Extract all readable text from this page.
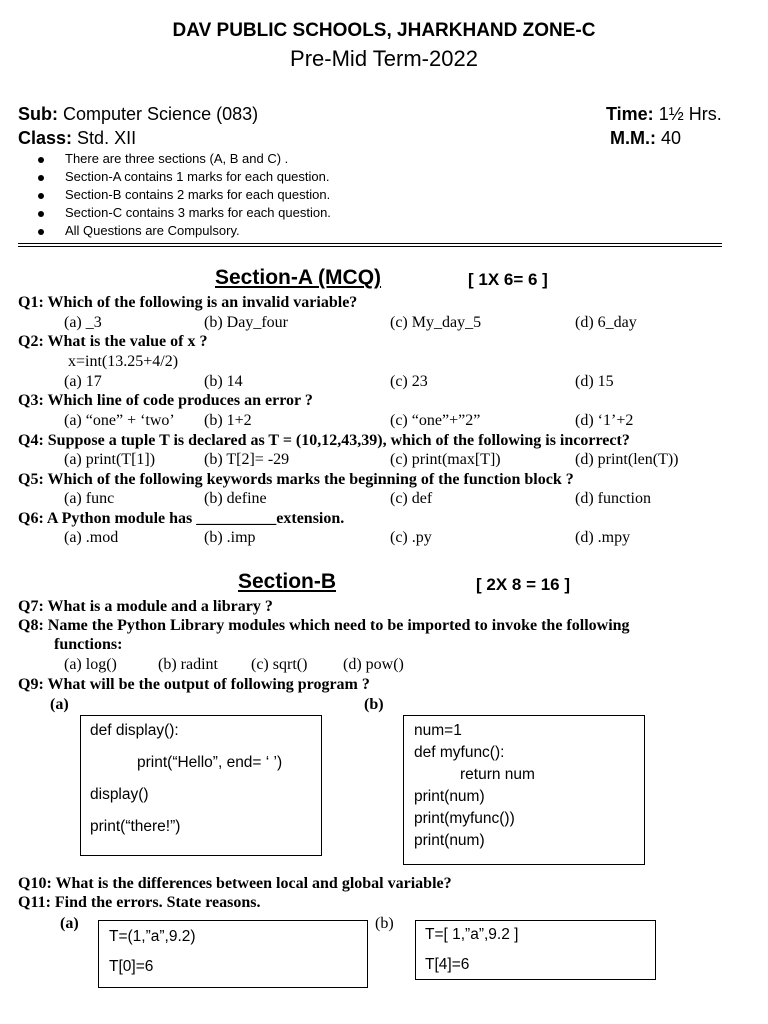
DAV PUBLIC SCHOOLS, JHARKHAND ZONE-C
Pre-Mid Term-2022
Sub: Computer Science (083)	Time: 1½ Hrs.
Class: Std. XII	M.M.: 40
There are three sections (A, B and C) .
Section-A contains 1 marks for each question.
Section-B contains 2 marks for each question.
Section-C contains 3 marks for each question.
All Questions are Compulsory.
Section-A (MCQ)	[ 1X 6= 6 ]
Q1: Which of the following is an invalid variable?
(a) _3	(b) Day_four	(c) My_day_5	(d) 6_day
Q2: What is the value of x ?
x=int(13.25+4/2)
(a) 17	(b) 14	(c) 23	(d) 15
Q3: Which line of code produces an error ?
(a) “one” + ‘two’ (b) 1+2	(c) “one”+”2”	(d) ‘1’+2
Q4: Suppose a tuple T is declared as T = (10,12,43,39), which of the following is incorrect?
(a) print(T[1])	(b) T[2]= -29	(c) print(max[T])	(d) print(len(T))
Q5: Which of the following keywords marks the beginning of the function block ?
(a) func	(b) define	(c) def	(d) function
Q6: A Python module has __________extension.
(a) .mod	(b) .imp	(c) .py	(d) .mpy
Section-B	[ 2X 8 = 16 ]
Q7: What is a module and a library ?
Q8: Name the Python Library modules which need to be imported to invoke the following
functions:
(a) log()	(b) radint (c) sqrt() (d) pow()
Q9: What will be the output of following program ?
(a)	(b)
def display():
print(“Hello”, end= ‘ ’)
display()
print(“there!”)
num=1
def myfunc():
return num
print(num)
print(myfunc())
print(num)
Q10: What is the differences between local and global variable?
Q11: Find the errors. State reasons.
(a)	(b)
T=(1,”a”,9.2)
T[0]=6
T=[ 1,”a”,9.2 ]
T[4]=6
